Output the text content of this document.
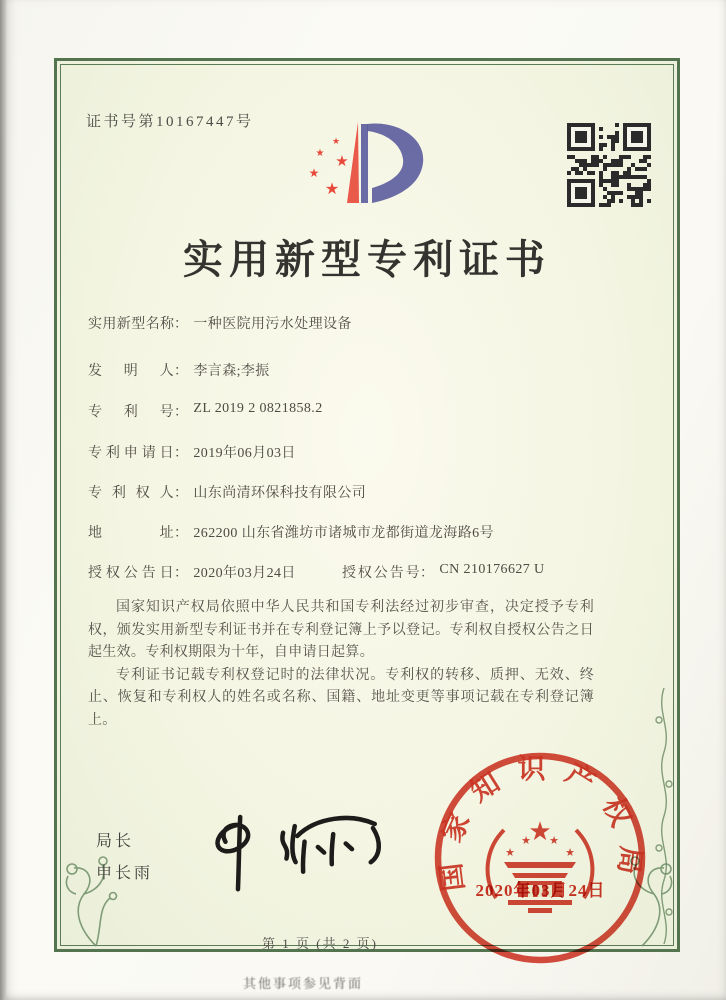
证书号第10167447号
★
★ ★
★
★
实用新型专利证书
实用新型名称： 一种医院用污水处理设备
发明人： 李言森;李振
专利号： ZL 2019 2 0821858.2
专利申请日： 2019年06月03日
专利权人： 山东尚清环保科技有限公司
地址： 262200 山东省潍坊市诸城市龙都街道龙海路6号
授权公告日： 2020年03月24日	授权公告号： CN 210176627 U

国家知识产权局依照中华人民共和国专利法经过初步审查，决定授予专利权，颁发实用新型专利证书并在专利登记簿上予以登记。专利权自授权公告之日起生效。专利权期限为十年，自申请日起算。

专利证书记载专利权登记时的法律状况。专利权的转移、质押、无效、终止、恢复和专利权人的姓名或名称、国籍、地址变更等事项记载在专利登记簿上。

局长
申长雨	国家知识产权局
★
★
★ ★
★
2020年03月24日
第 1 页 (共 2 页)
其他事项参见背面
